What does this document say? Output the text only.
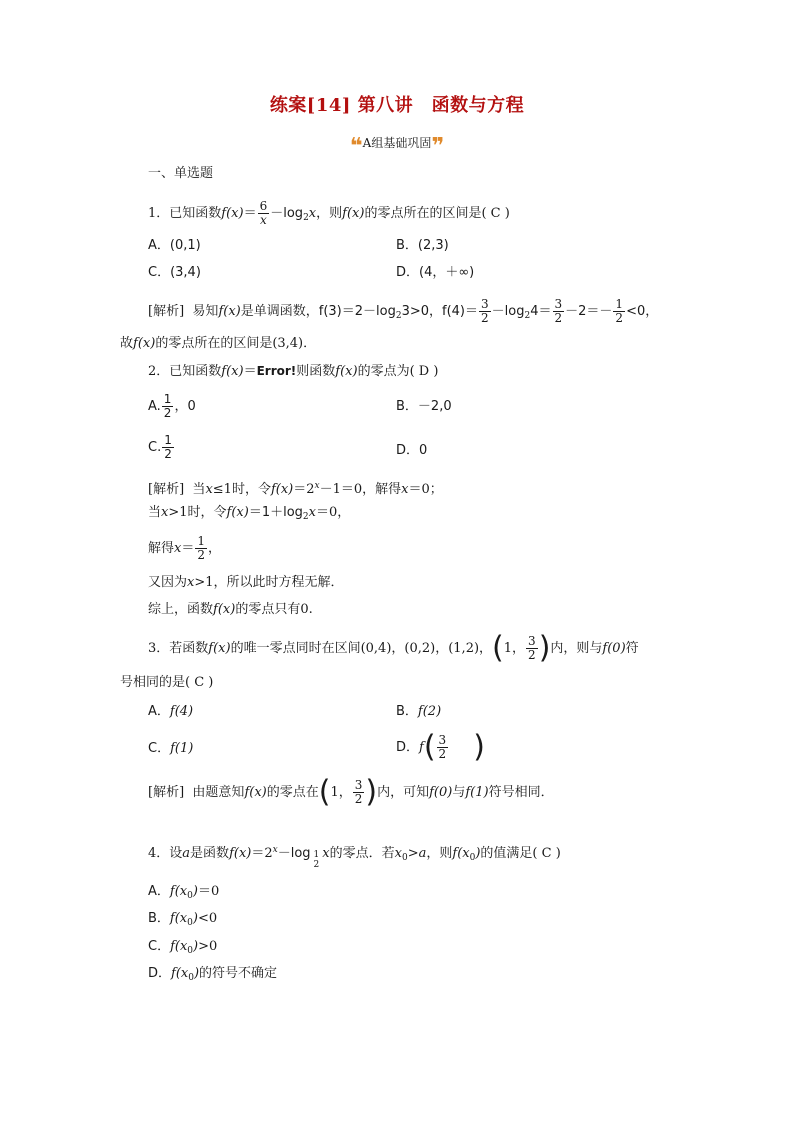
练案[14] 第八讲　函数与方程
❝A组基础巩固❞
一、单选题
1．已知函数$f(x)= \frac{6}{x} -\log_2x$，则f(x)的零点所在的区间是( C )
A．(0,1)	B．(2,3)
C．(3,4)	D．(4，＋∞)
[解析] 易知f(x)是单调函数，$f(3)=2-\log_23>0$，$f(4)= \frac{3}{2} -\log_24= \frac{3}{2} -2=- \frac{1}{2} <0$，
故f(x)的零点所在的区间是(3,4)．
2．已知函数f(x)＝Error!则函数f(x)的零点为( D )
A. $\frac{1}{2}$ ，0	B．－2,0
C. $\frac{1}{2}$	D．0
[解析] 当x≤1时，令$f(x)=2^x-1=0$，解得x＝0；
当x>1时，令$f(x)=1+\log_2x=0$，
解得$x= \frac{1}{2}$ ，
又因为x>1，所以此时方程无解．
综上，函数f(x)的零点只有0.
3．若函数f(x)的唯一零点同时在区间(0,4)，(0,2)，(1,2)，(1， $\frac{3}{2}$ )内，则与f(0)符
号相同的是( C )
A．f(4)	B．f(2)
C．f(1)	D．$f( \frac{3}{2}$ )
[解析] 由题意知f(x)的零点在(1， $\frac{3}{2}$ )内，可知f(0)与f(1)符号相同．
4．设a是函数$f(x)=2^x-\log$ 1
2
x的零点．若$x_0>a$，则$f(x_0)$的值满足( C )
A．$f(x_0)=0$
B．$f(x_0)<0$
C．$f(x_0)>0$
D．$f(x_0)$的符号不确定
